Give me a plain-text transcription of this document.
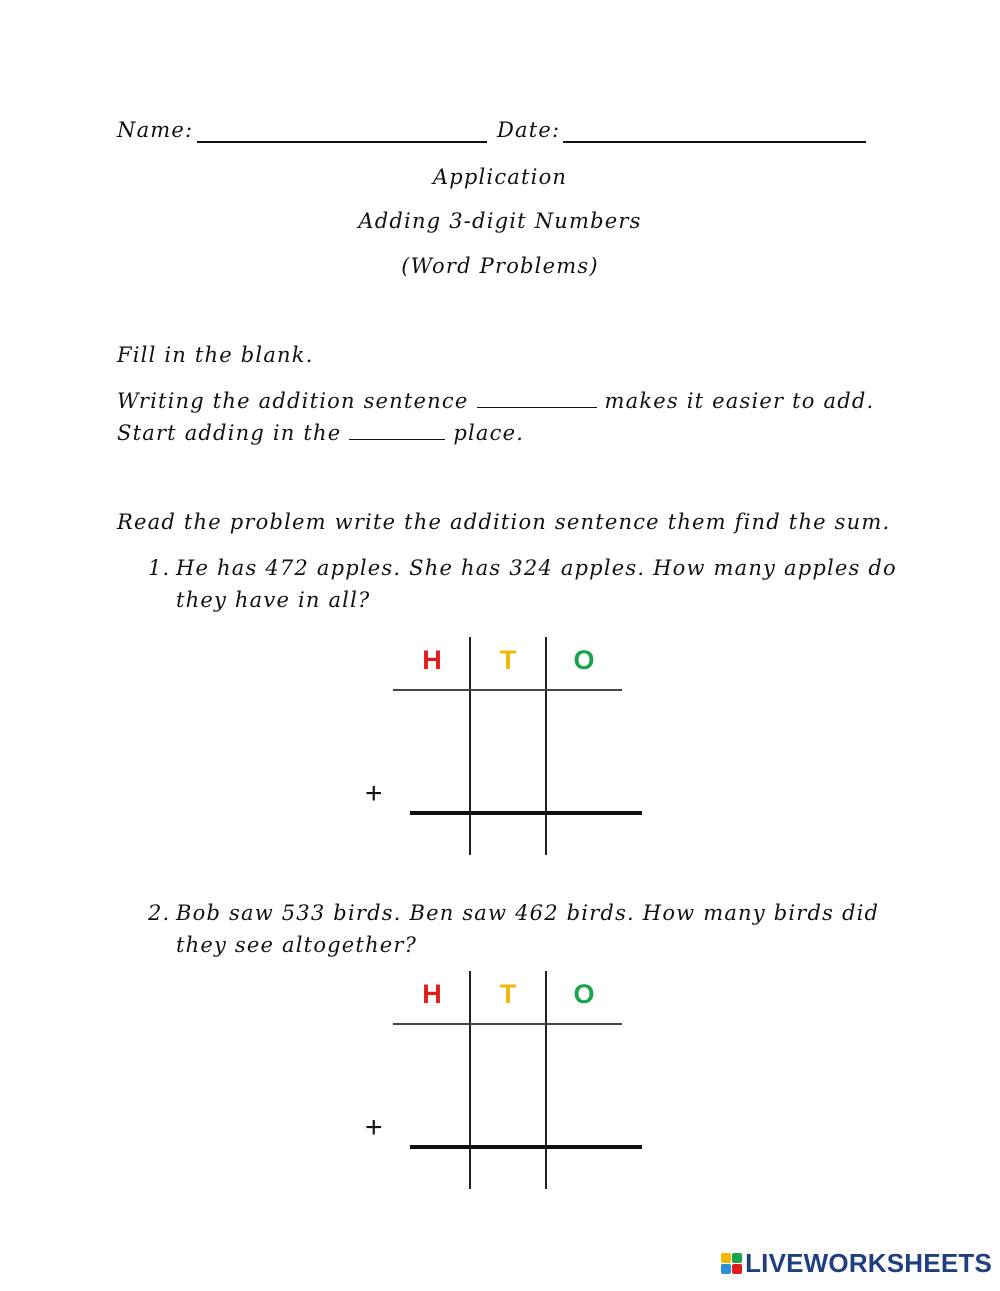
Name:	Date:
Application
Adding 3-digit Numbers
(Word Problems)
Fill in the blank.
Writing the addition sentence	makes it easier to add.
Start adding in the	place.
Read the problem write the addition sentence them find the sum.
1. He has 472 apples. She has 324 apples. How many apples do
they have in all?
H	T	O
+
2. Bob saw 533 birds. Ben saw 462 birds. How many birds did
they see altogether?
H	T	O
+
LIVEWORKSHEETS
